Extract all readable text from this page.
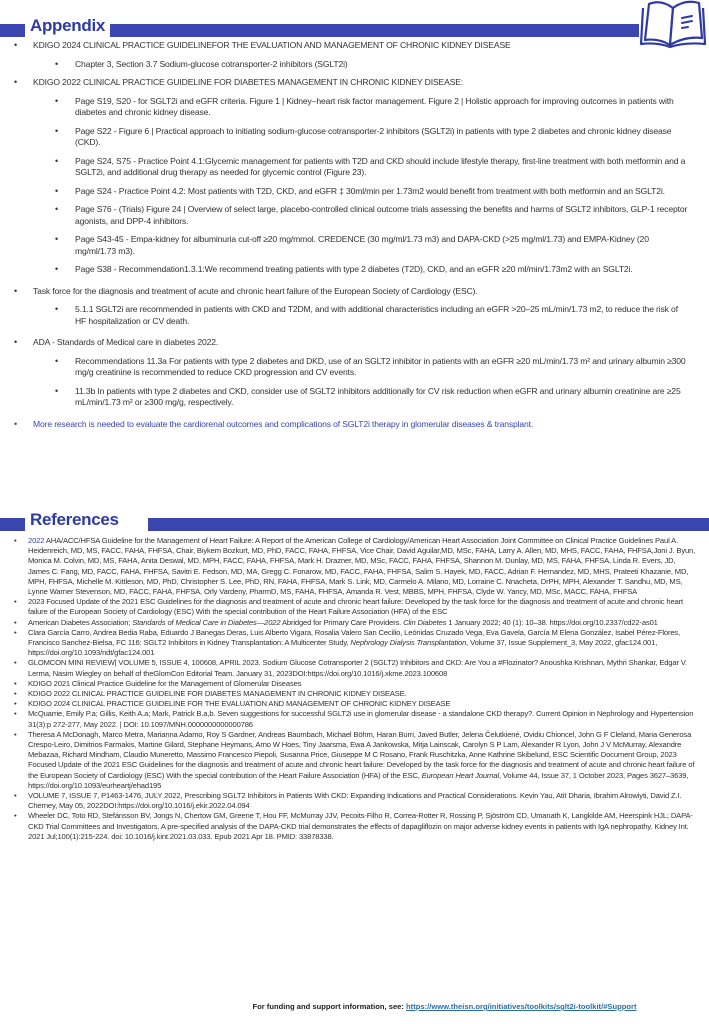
Appendix
• KDIGO 2024 CLINICAL PRACTICE GUIDELINEFOR THE EVALUATION AND MANAGEMENT OF CHRONIC KIDNEY DISEASE
• Chapter 3, Section 3.7 Sodium-glucose cotransporter-2 inhibitors (SGLT2i)
• KDIGO 2022 CLINICAL PRACTICE GUIDELINE FOR DIABETES MANAGEMENT IN CHRONIC KIDNEY DISEASE:
• Page S19, S20 - for SGLT2i and eGFR criteria. Figure 1 | Kidney–heart risk factor management. Figure 2 | Holistic approach for improving outcomes in patients with diabetes and chronic kidney disease.
• Page S22 - Figure 6 | Practical approach to initiating sodium-glucose cotransporter-2 inhibitors (SGLT2i) in patients with type 2 diabetes and chronic kidney disease (CKD).
• Page S24, S75 - Practice Point 4.1:Glycemic management for patients with T2D and CKD should include lifestyle therapy, first-line treatment with both metformin and a SGLT2i, and additional drug therapy as needed for glycemic control (Figure 23).
• Page S24 - Practice Point 4.2: Most patients with T2D, CKD, and eGFR ‡ 30ml/min per 1.73m2 would benefit from treatment with both metformin and an SGLT2i.
• Page S76 - (Trials) Figure 24 | Overview of select large, placebo-controlled clinical outcome trials assessing the benefits and harms of SGLT2 inhibitors, GLP-1 receptor agonists, and DPP-4 inhibitors.
• Page S43-45 - Empa-kidney for albuminuria cut-off ≥20 mg/mmol. CREDENCE (30 mg/ml/1.73 m3) and DAPA-CKD (>25 mg/ml/1.73) and EMPA-Kidney (20 mg/ml/1.73 m3).
• Page S38 - Recommendation1.3.1:We recommend treating patients with type 2 diabetes (T2D), CKD, and an eGFR ≥20 ml/min/1.73m2 with an SGLT2i.
• Task force for the diagnosis and treatment of acute and chronic heart failure of the European Society of Cardiology (ESC).
• 5.1.1 SGLT2i are recommended in patients with CKD and T2DM, and with additional characteristics including an eGFR >20–25 mL/min/1.73 m2, to reduce the risk of HF hospitalization or CV death.
• ADA - Standards of Medical care in diabetes 2022.
• Recommendations 11.3a For patients with type 2 diabetes and DKD, use of an SGLT2 inhibitor in patients with an eGFR ≥20 mL/min/1.73 m² and urinary albumin ≥300 mg/g creatinine is recommended to reduce CKD progression and CV events.
• 11.3b In patients with type 2 diabetes and CKD, consider use of SGLT2 inhibitors additionally for CV risk reduction when eGFR and urinary albumin creatinine are ≥25 mL/min/1.73 m² or ≥300 mg/g, respectively.
• More research is needed to evaluate the cardiorenal outcomes and complications of SGLT2i therapy in glomerular diseases & transplant.
References
• 2022 AHA/ACC/HFSA Guideline for the Management of Heart Failure: A Report of the American College of Cardiology/American Heart Association Joint Committee on Clinical Practice Guidelines Paul A. Heidenreich, MD, MS, FACC, FAHA, FHFSA, Chair, Biykem Bozkurt, MD, PhD, FACC, FAHA, FHFSA, Vice Chair, David Aguilar,MD, MSc, FAHA, Larry A. Allen, MD, MHS, FACC, FAHA, FHFSA,Joni J. Byun, Monica M. Colvin, MD, MS, FAHA, Anita Deswal, MD, MPH, FACC, FAHA, FHFSA, Mark H. Drazner, MD, MSc, FACC, FAHA, FHFSA, Shannon M. Dunlay, MD, MS, FAHA, FHFSA, Linda R. Evers, JD, James C. Fang, MD, FACC, FAHA, FHFSA, Savitri E. Fedson, MD, MA, Gregg C. Fonarow, MD, FACC, FAHA, FHFSA, Salim S. Hayek, MD, FACC, Adrian F. Hernandez, MD, MHS, Prateeti Khazanie, MD, MPH, FHFSA, Michelle M. Kittleson, MD, PhD, Christopher S. Lee, PhD, RN, FAHA, FHFSA, Mark S. Link, MD, Carmelo A. Milano, MD, Lorraine C. Nnacheta, DrPH, MPH, Alexander T. Sandhu, MD, MS, Lynne Warner Stevenson, MD, FACC, FAHA, FHFSA, Orly Vardeny, PharmD, MS, FAHA, FHFSA, Amanda R. Vest, MBBS, MPH, FHFSA, Clyde W. Yancy, MD, MSc, MACC, FAHA, FHFSA
• 2023 Focused Update of the 2021 ESC Guidelines for the diagnosis and treatment of acute and chronic heart failure: Developed by the task force for the diagnosis and treatment of acute and chronic heart failure of the European Society of Cardiology (ESC) With the special contribution of the Heart Failure Association (HFA) of the ESC
• American Diabetes Association; Standards of Medical Care in Diabetes—2022 Abridged for Primary Care Providers. Clin Diabetes 1 January 2022; 40 (1): 10–38. https://doi.org/10.2337/cd22-as01
• Clara García Carro, Andrea Bedia Raba, Eduardo J Banegas Deras, Luis Alberto Vigara, Rosalia Valero San Cecilio, Leónidas Cruzado Vega, Eva Gavela, García M Elena González, Isabel Pérez-Flores, Francisco Sanchez-Bielsa, FC 116: SGLT2 Inhibitors in Kidney Transplantation: A Multicenter Study, Nephrology Dialysis Transplantation, Volume 37, Issue Supplement_3, May 2022, gfac124.001, https://doi.org/10.1093/ndt/gfac124.001
• GLOMCON MINI REVIEW| VOLUME 5, ISSUE 4, 100608, APRIL 2023. Sodium Glucose Cotransporter 2 (SGLT2) Inhibitors and CKD: Are You a #Flozinator? Anoushka Krishnan, Mythri Shankar, Edgar V. Lerma, Nasim Wiegley on behalf of theGlomCon Editorial Team. January 31, 2023DOI:https://doi.org/10.1016/j.xkme.2023.100608
• KDIGO 2021 Clinical Practice Guideline for the Management of Glomerular Diseases
• KDIGO 2022 CLINICAL PRACTICE GUIDELINE FOR DIABETES MANAGEMENT IN CHRONIC KIDNEY DISEASE.
• KDIGO 2024 CLINICAL PRACTICE GUIDELINE FOR THE EVALUATION AND MANAGEMENT OF CHRONIC KIDNEY DISEASE
• McQuarrie, Emily P.a; Gillis, Keith A.a; Mark, Patrick B.a,b. Seven suggestions for successful SGLT2i use in glomerular disease - a standalone CKD therapy?. Current Opinion in Nephrology and Hypertension 31(3):p 272-277, May 2022. | DOI: 10.1097/MNH.0000000000000786
• Theresa A McDonagh, Marco Metra, Marianna Adamo, Roy S Gardner, Andreas Baumbach, Michael Böhm, Haran Burri, Javed Butler, Jelena Čelutkienė, Ovidiu Chioncel, John G F Cleland, Maria Generosa Crespo-Leiro, Dimitrios Farmakis, Martine Gilard, Stephane Heymans, Arno W Hoes, Tiny Jaarsma, Ewa A Jankowska, Mitja Lainscak, Carolyn S P Lam, Alexander R Lyon, John J V McMurray, Alexandre Mebazaa, Richard Mindham, Claudio Muneretto, Massimo Francesco Piepoli, Susanna Price, Giuseppe M C Rosano, Frank Ruschitzka, Anne Kathrine Skibelund, ESC Scientific Document Group, 2023 Focused Update of the 2021 ESC Guidelines for the diagnosis and treatment of acute and chronic heart failure: Developed by the task force for the diagnosis and treatment of acute and chronic heart failure of the European Society of Cardiology (ESC) With the special contribution of the Heart Failure Association (HFA) of the ESC, European Heart Journal, Volume 44, Issue 37, 1 October 2023, Pages 3627–3639, https://doi.org/10.1093/eurheartj/ehad195
• VOLUME 7, ISSUE 7, P1463-1476, JULY 2022, Prescribing SGLT2 Inhibitors in Patients With CKD: Expanding Indications and Practical Considerations. Kevin Yau, Atit Dharia, Ibrahim Alrowiyti, David Z.I. Cherney, May 05, 2022DOI:https://doi.org/10.1016/j.ekir.2022.04.094
• Wheeler DC, Toto RD, Stefánsson BV, Jongs N, Chertow GM, Greene T, Hou FF, McMurray JJV, Pecoits-Filho R, Correa-Rotter R, Rossing P, Sjöström CD, Umanath K, Langkilde AM, Heerspink HJL; DAPA-CKD Trial Committees and Investigators. A pre-specified analysis of the DAPA-CKD trial demonstrates the effects of dapagliflozin on major adverse kidney events in patients with IgA nephropathy. Kidney Int. 2021 Jul;100(1):215-224. doi: 10.1016/j.kint.2021.03.033. Epub 2021 Apr 18. PMID: 33878338.
For funding and support information, see: https://www.theisn.org/initiatives/toolkits/sglt2i-toolkit/#Support
